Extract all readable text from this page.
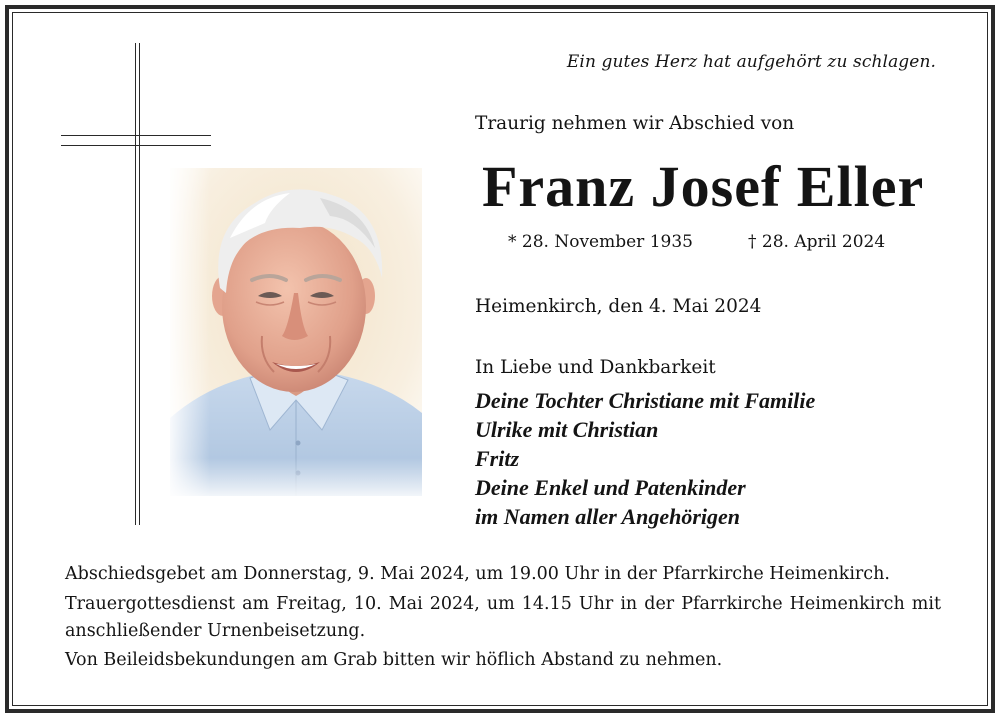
Ein gutes Herz hat aufgehört zu schlagen.
Traurig nehmen wir Abschied von
Franz Josef Eller
* 28. November 1935	† 28. April 2024
Heimenkirch, den 4. Mai 2024
In Liebe und Dankbarkeit
Deine Tochter Christiane mit Familie
Ulrike mit Christian
Fritz
Deine Enkel und Patenkinder
im Namen aller Angehörigen
Abschiedsgebet am Donnerstag, 9. Mai 2024, um 19.00 Uhr in der Pfarrkirche Heimenkirch.
Trauergottesdienst am Freitag, 10. Mai 2024, um 14.15 Uhr in der Pfarrkirche Heimenkirch mit anschließender Urnenbeisetzung.
Von Beileidsbekundungen am Grab bitten wir höflich Abstand zu nehmen.
